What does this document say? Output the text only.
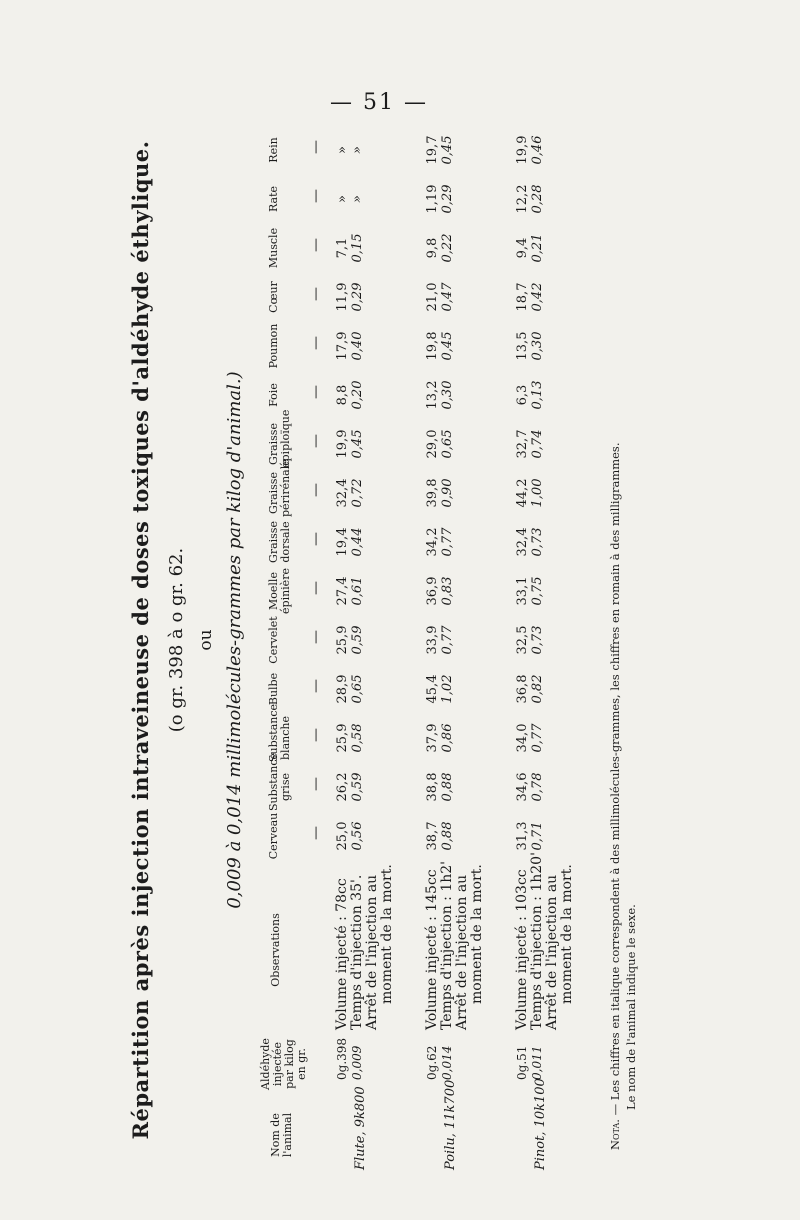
— 51 —
Répartition après injection intraveineuse de doses toxiques d'aldéhyde éthylique. (o gr. 398 à o gr. 62. ou 0,009 à 0,014 millimolécules-grammes par kilog d'animal.)
Nom de l'animal
Aldéhyde injectée par kilog en gr.
Observations
Cerveau —
Substance grise —
Substance blanche —
Bulbe —
Cervelet —
Moelle épinière —
Graisse dorsale —
Graisse périrénale —
Graisse épiploïque —
Foie —
Poumon —
Cœur —
Muscle —
Rate —
Rein —
Flute, 9k800
0g.398 0,009
Volume injecté : 78cc Temps d'injection 35'. Arrêt de l'injection au moment de la mort.
25,0 0,56
26,2 0,59
25,9 0,58
28,9 0,65
25,9 0,59
27,4 0,61
19,4 0,44
32,4 0,72
19,9 0,45
8,8 0,20
17,9 0,40
11,9 0,29
7,1 0,15
» »
» »
Poilu, 11k700
0g.62 0,014
Volume injecté : 145cc Temps d'injection : 1h2' Arrêt de l'injection au moment de la mort.
38,7 0,88
38,8 0,88
37,9 0,86
45,4 1,02
33,9 0,77
36,9 0,83
34,2 0,77
39,8 0,90
29,0 0,65
13,2 0,30
19,8 0,45
21,0 0,47
9,8 0,22
1,19 0,29
19,7 0,45
Pinot, 10k100
0g.51 0,011
Volume injecté : 103cc Temps d'injection : 1h20' Arrêt de l'injection au moment de la mort.
31,3 0,71
34,6 0,78
34,0 0,77
36,8 0,82
32,5 0,73
33,1 0,75
32,4 0,73
44,2 1,00
32,7 0,74
6,3 0,13
13,5 0,30
18,7 0,42
9,4 0,21
12,2 0,28
19,9 0,46
Nota. — Les chiffres en italique correspondent à des millimolécules-grammes, les chiffres en romain à des milligrammes. Le nom de l'animal indique le sexe.
